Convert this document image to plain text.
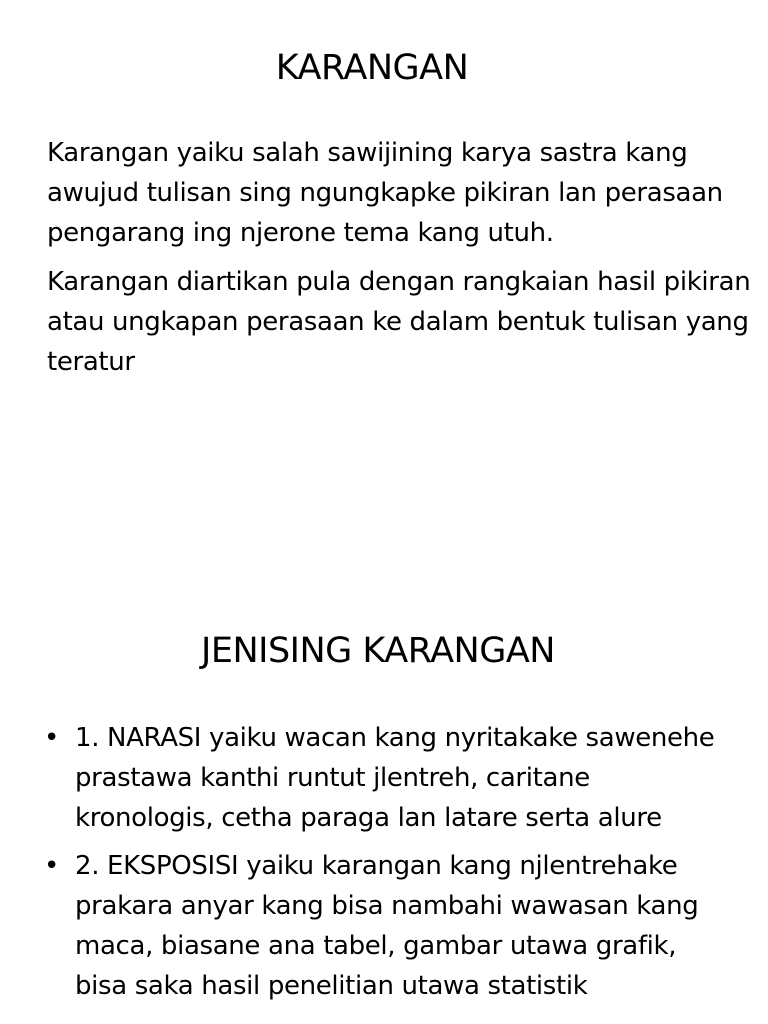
KARANGAN

Karangan yaiku salah sawijining karya sastra kang awujud tulisan sing ngungkapke pikiran lan perasaan pengarang ing njerone tema kang utuh.

Karangan diartikan pula dengan rangkaian hasil pikiran atau ungkapan perasaan ke dalam bentuk tulisan yang teratur

JENISING KARANGAN
• 1. NARASI yaiku wacan kang nyritakake sawenehe prastawa kanthi runtut jlentreh, caritane kronologis, cetha paraga lan latare serta alure
• 2. EKSPOSISI yaiku karangan kang njlentrehake prakara anyar kang bisa nambahi wawasan kang maca, biasane ana tabel, gambar utawa grafik, bisa saka hasil penelitian utawa statistik
